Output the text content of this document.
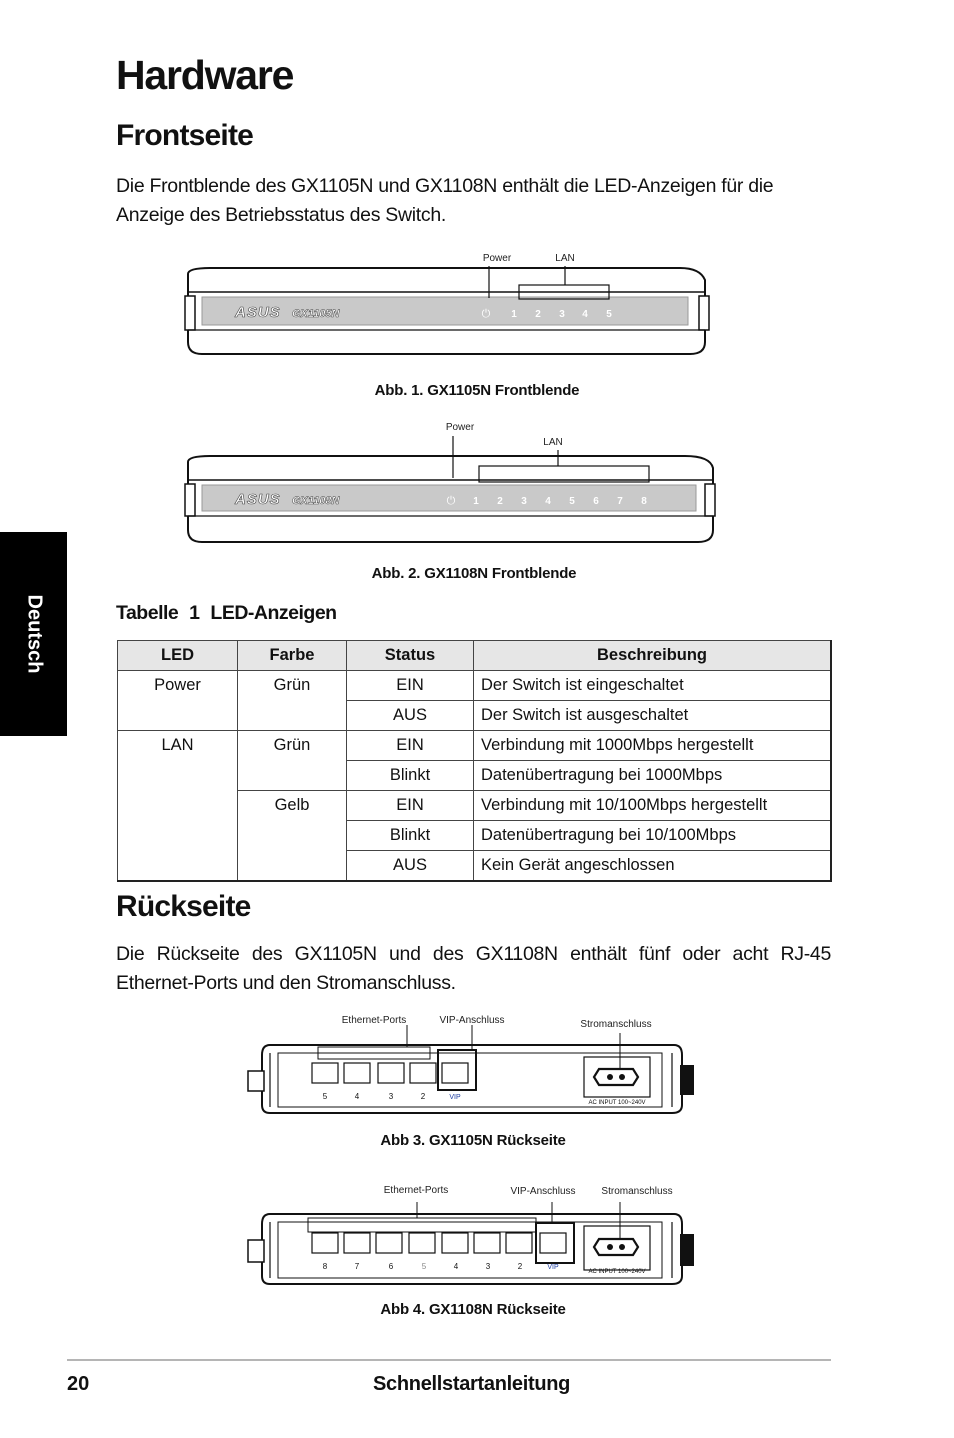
Hardware
Deutsch
Frontseite

Die Frontblende des GX1105N und GX1108N enthält die LED-Anzeigen für die Anzeige des Betriebsstatus des Switch.

Power	LAN
ASUS GX1105N	⏻ 1 2 3 4 5
Abb. 1. GX1105N Frontblende
Power
LAN
ASUS GX1108N	⏻ 1 2 3 4 5 6 7 8
Abb. 2. GX1108N Frontblende
Tabelle 1 LED-Anzeigen
LED	Farbe	Status	Beschreibung
Power	Grün	EIN	Der Switch ist eingeschaltet
		AUS	Der Switch ist ausgeschaltet
LAN	Grün	EIN	Verbindung mit 1000Mbps hergestellt
		Blinkt	Datenübertragung bei 1000Mbps
	Gelb	EIN	Verbindung mit 10/100Mbps hergestellt
		Blinkt	Datenübertragung bei 10/100Mbps
		AUS	Kein Gerät angeschlossen
Rückseite

Die Rückseite des GX1105N und des GX1108N enthält fünf oder acht RJ-45 Ethernet-Ports und den Stromanschluss.

Ethernet-Ports	VIP-Anschluss	Stromanschluss
5	4	3	2	VIP
AC INPUT 100~240V
Abb 3. GX1105N Rückseite
Ethernet-Ports	VIP-Anschluss	Stromanschluss
8	7	6	5	4	3	2	VIP
AC INPUT 100~240V
Abb 4. GX1108N Rückseite
20	Schnellstartanleitung
